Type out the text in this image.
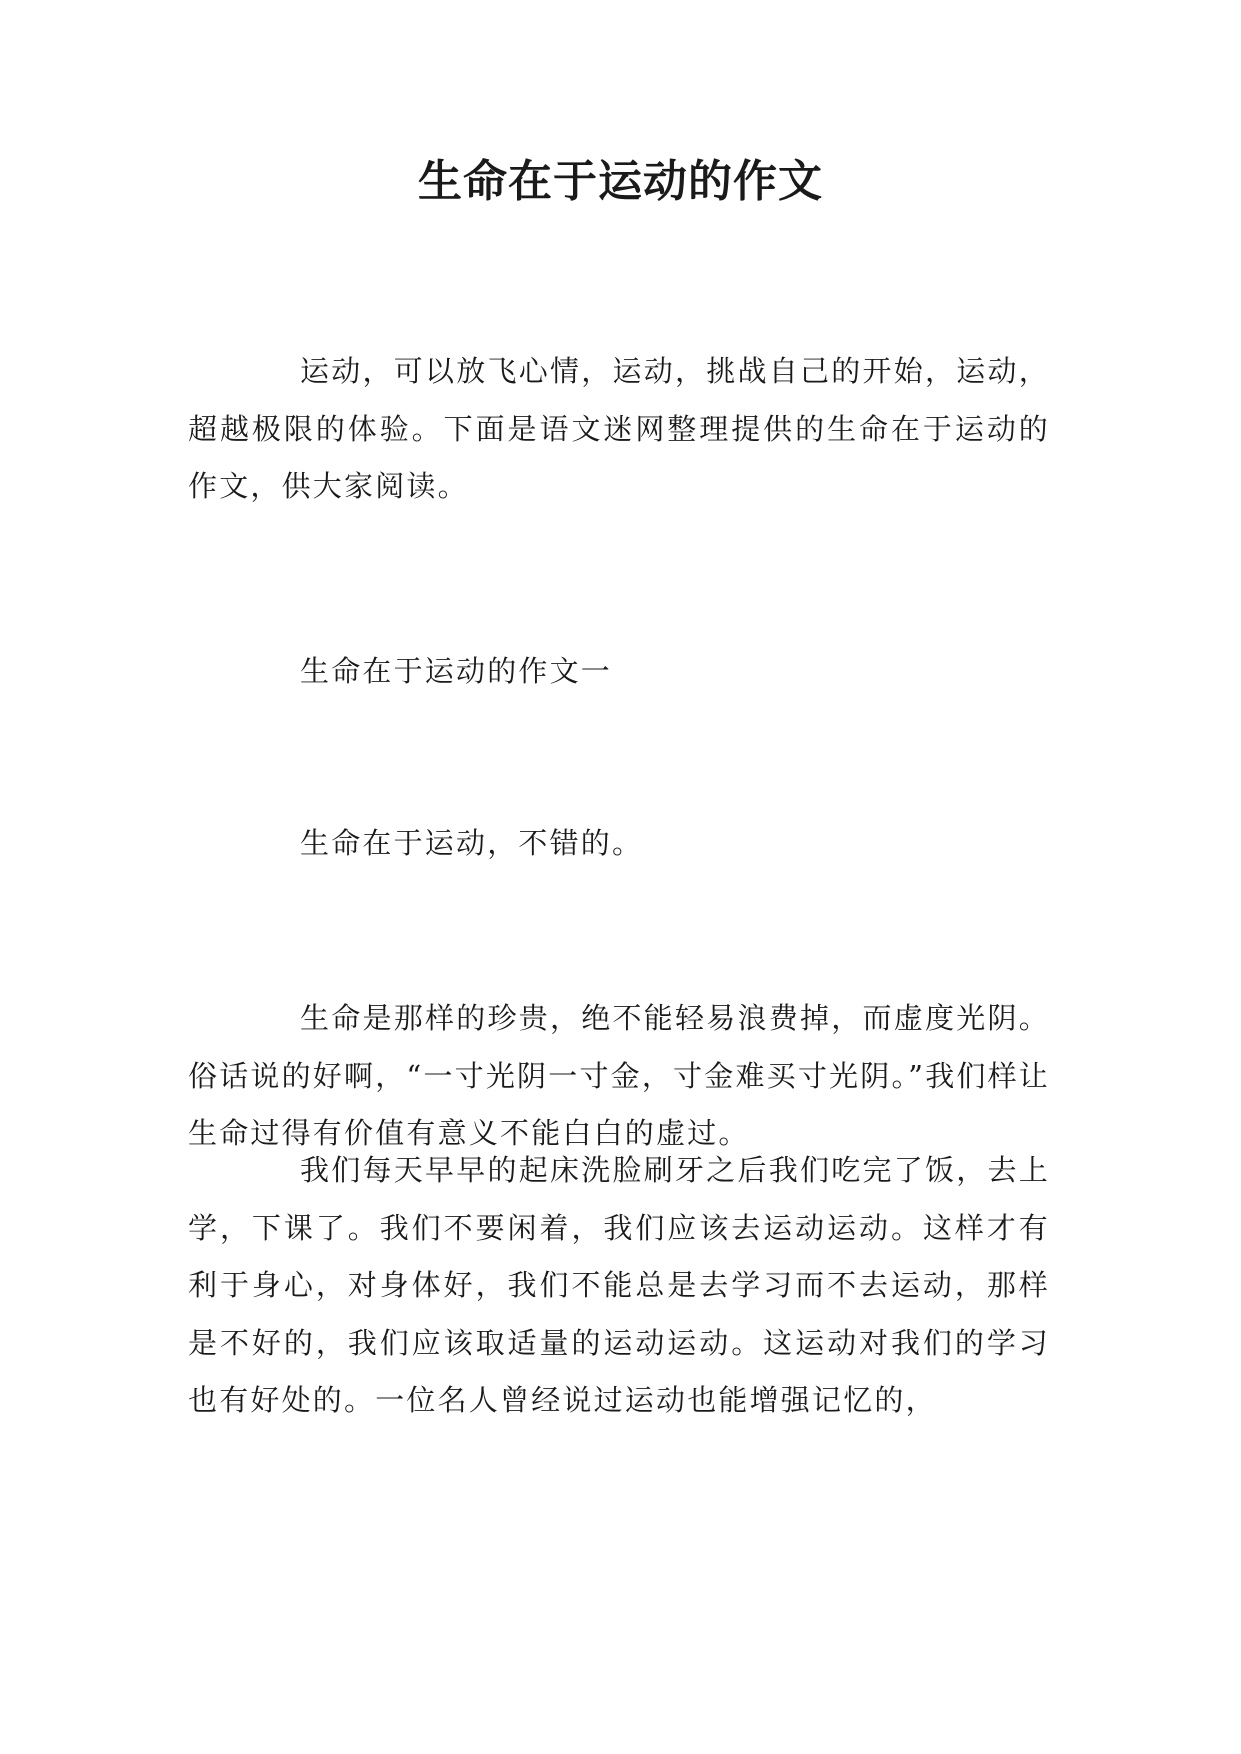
生命在于运动的作文

运动，可以放飞心情，运动，挑战自己的开始，运动，超越极限的体验。下面是语文迷网整理提供的生命在于运动的作文，供大家阅读。

生命在于运动的作文一

生命在于运动，不错的。

生命是那样的珍贵，绝不能轻易浪费掉，而虚度光阴。俗话说的好啊，“一寸光阴一寸金，寸金难买寸光阴。”我们样让生命过得有价值有意义不能白白的虚过。

我们每天早早的起床洗脸刷牙之后我们吃完了饭，去上学，下课了。我们不要闲着，我们应该去运动运动。这样才有利于身心，对身体好，我们不能总是去学习而不去运动，那样是不好的，我们应该取适量的运动运动。这运动对我们的学习也有好处的。一位名人曾经说过运动也能增强记忆的，
